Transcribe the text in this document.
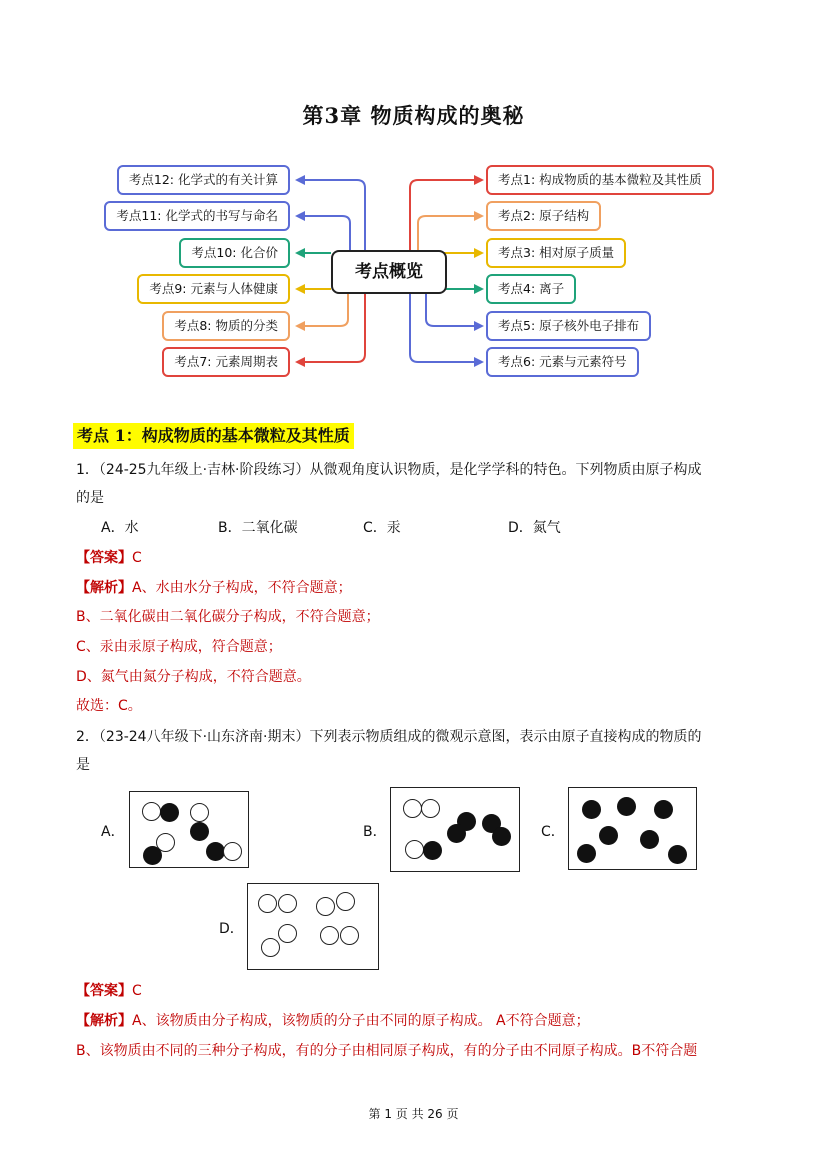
第3章 物质构成的奥秘
考点概览
考点12: 化学式的有关计算
考点11: 化学式的书写与命名
考点10: 化合价
考点9: 元素与人体健康
考点8: 物质的分类
考点7: 元素周期表
考点1: 构成物质的基本微粒及其性质
考点2: 原子结构
考点3: 相对原子质量
考点4: 离子
考点5: 原子核外电子排布
考点6: 元素与元素符号
考点 1：构成物质的基本微粒及其性质
1．（24-25九年级上·吉林·阶段练习）从微观角度认识物质，是化学学科的特色。下列物质由原子构成
的是
A．水	B．二氧化碳	C．汞	D．氮气
【答案】C
【解析】A、水由水分子构成，不符合题意；
B、二氧化碳由二氧化碳分子构成，不符合题意；
C、汞由汞原子构成，符合题意；
D、氮气由氮分子构成，不符合题意。
故选：C。
2．（23-24八年级下·山东济南·期末）下列表示物质组成的微观示意图，表示由原子直接构成的物质的
是
A．	B．	C．
D．
【答案】C
【解析】A、该物质由分子构成，该物质的分子由不同的原子构成。 A不符合题意；
B、该物质由不同的三种分子构成，有的分子由相同原子构成，有的分子由不同原子构成。B不符合题
第 1 页 共 26 页
